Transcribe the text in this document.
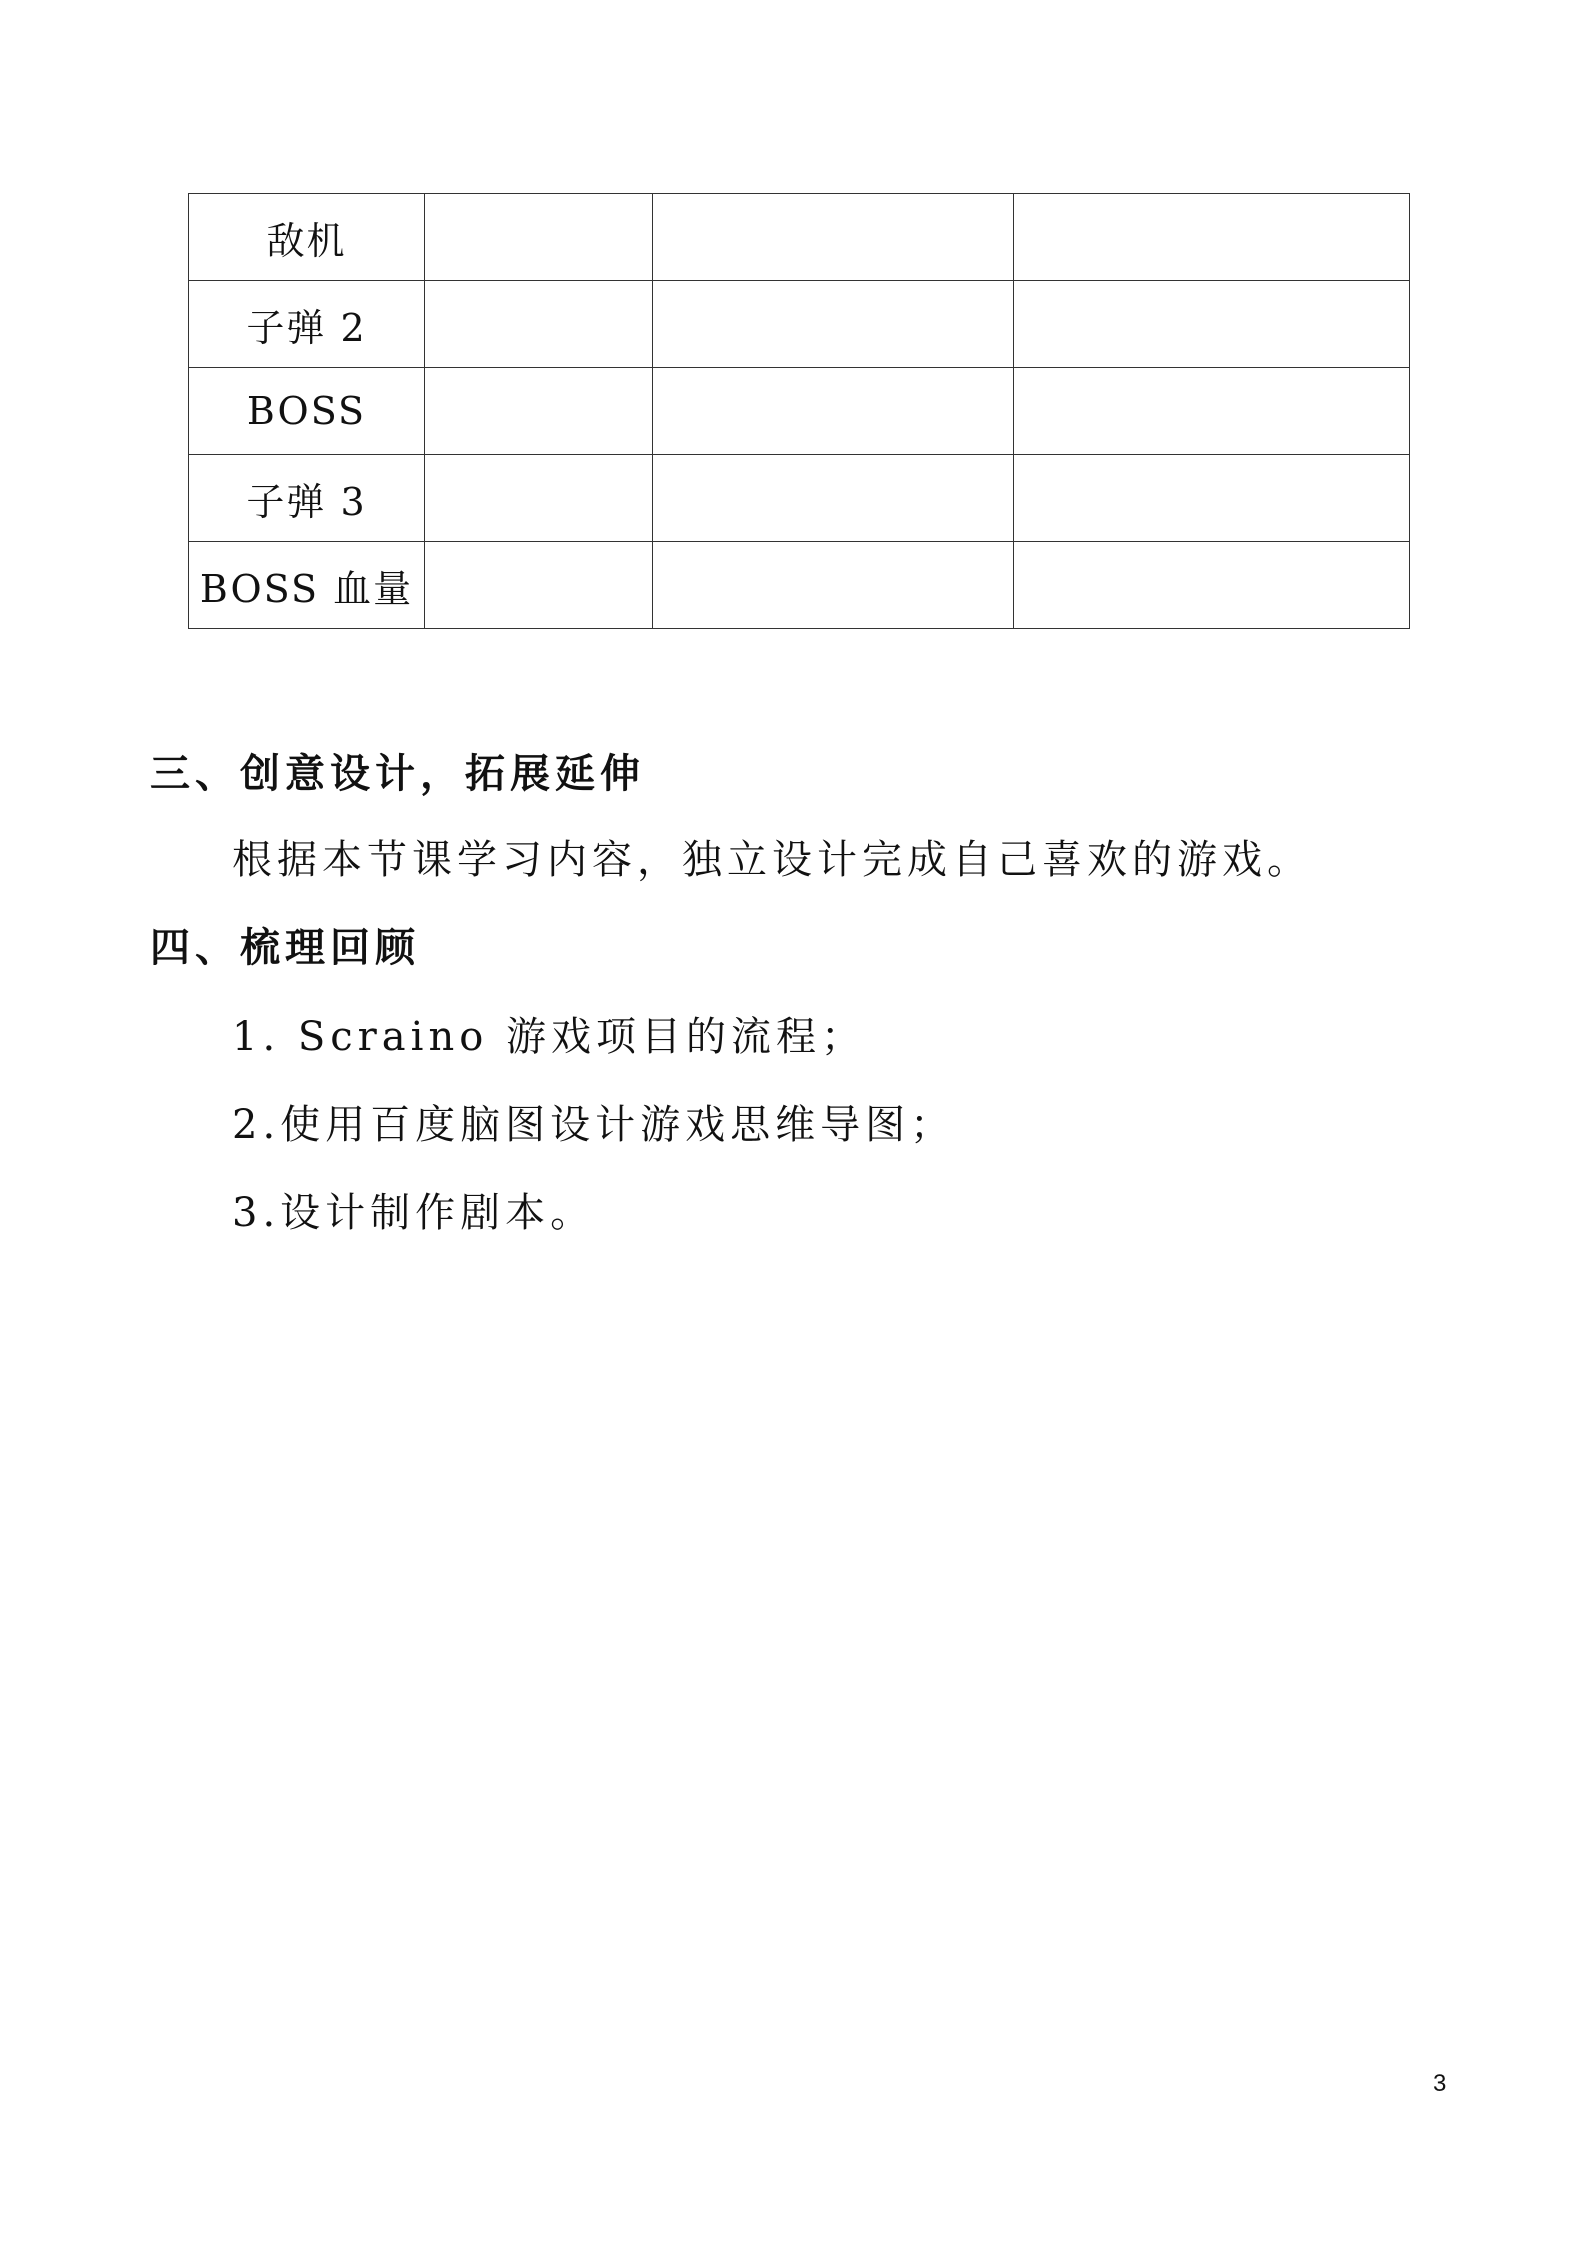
敌机			
子弹 2			
BOSS			
子弹 3			
BOSS 血量			
三、创意设计，拓展延伸
根据本节课学习内容，独立设计完成自己喜欢的游戏。
四、梳理回顾
1. Scraino 游戏项目的流程；
2.使用百度脑图设计游戏思维导图；
3.设计制作剧本。
3
